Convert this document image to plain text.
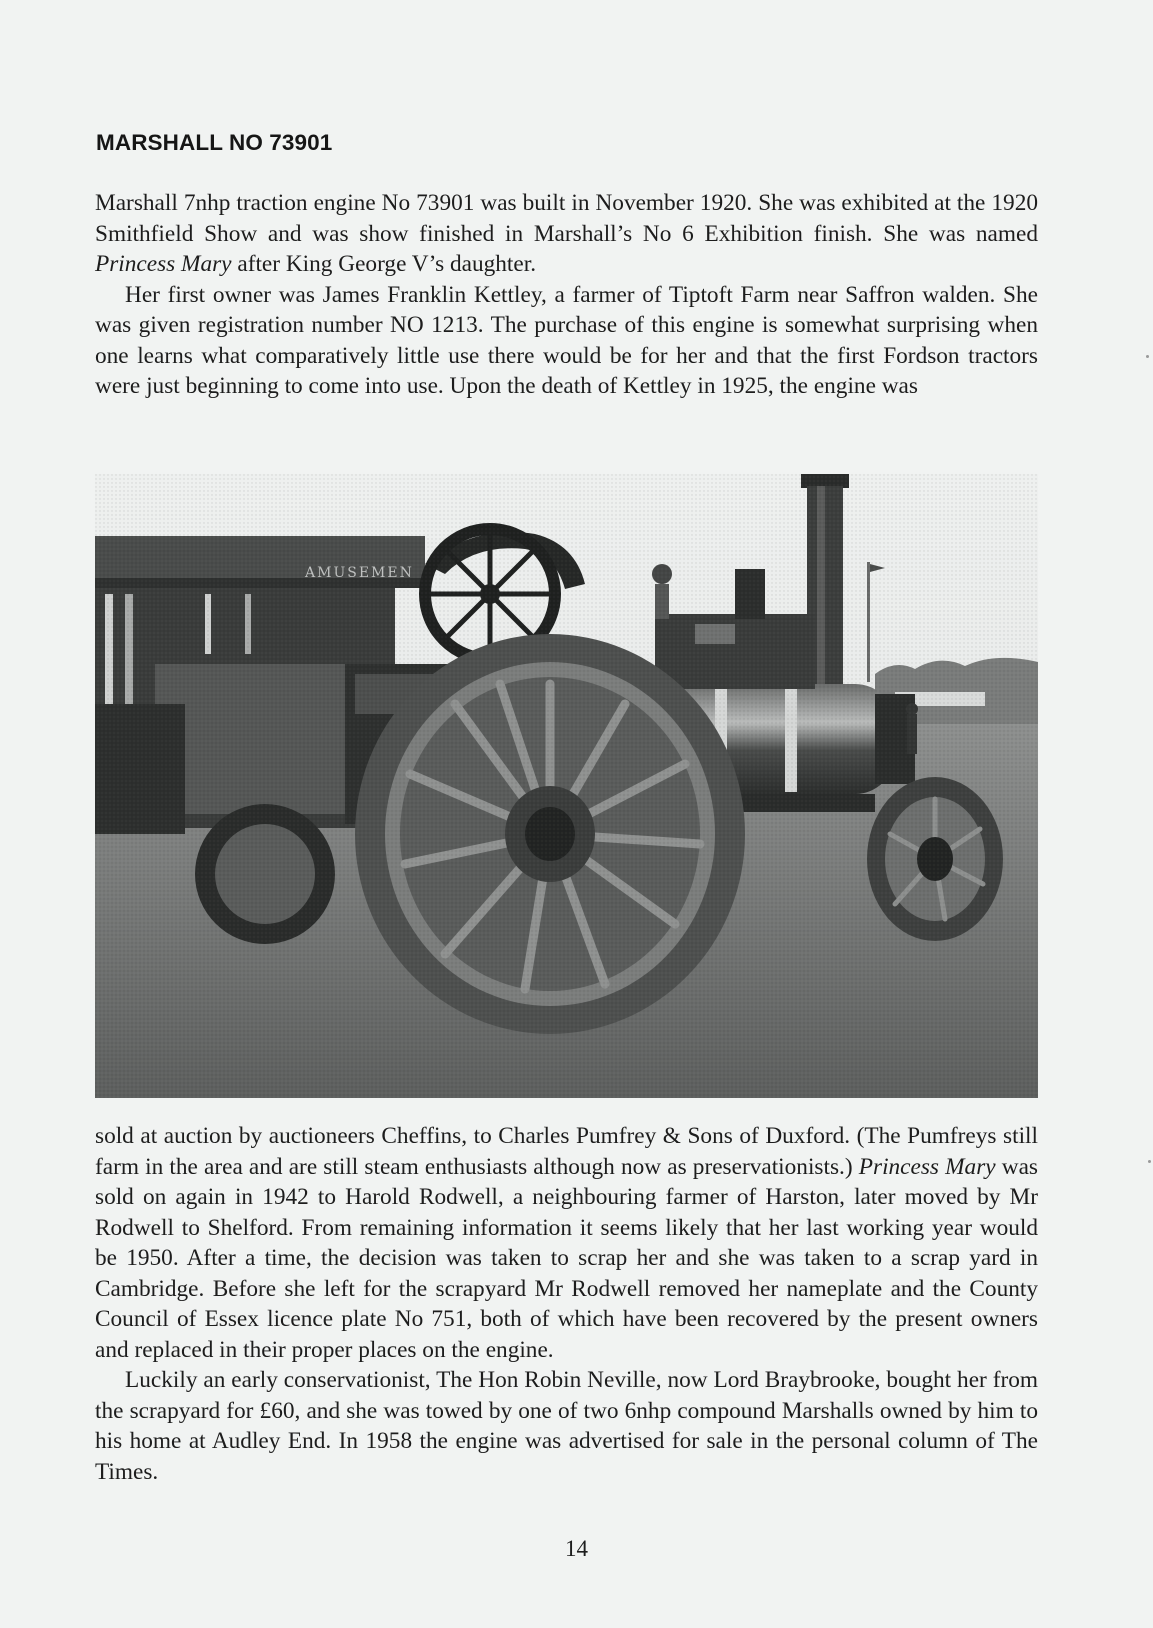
MARSHALL NO 73901

Marshall 7nhp traction engine No 73901 was built in November 1920. She was exhibited at the 1920 Smithfield Show and was show finished in Marshall’s No 6 Exhibition finish. She was named Princess Mary after King George V’s daughter.

Her first owner was James Franklin Kettley, a farmer of Tiptoft Farm near Saffron walden. She was given registration number NO 1213. The purchase of this engine is somewhat surprising when one learns what comparatively little use there would be for her and that the first Fordson tractors were just beginning to come into use. Upon the death of Kettley in 1925, the engine was

sold at auction by auctioneers Cheffins, to Charles Pumfrey & Sons of Duxford. (The Pumfreys still farm in the area and are still steam enthusiasts although now as preservationists.) Princess Mary was sold on again in 1942 to Harold Rodwell, a neighbouring farmer of Harston, later moved by Mr Rodwell to Shelford. From remaining information it seems likely that her last working year would be 1950. After a time, the decision was taken to scrap her and she was taken to a scrap yard in Cambridge. Before she left for the scrapyard Mr Rodwell removed her nameplate and the County Council of Essex licence plate No 751, both of which have been recovered by the present owners and replaced in their proper places on the engine.

Luckily an early conservationist, The Hon Robin Neville, now Lord Braybrooke, bought her from the scrapyard for £60, and she was towed by one of two 6nhp compound Marshalls owned by him to his home at Audley End. In 1958 the engine was advertised for sale in the personal column of The Times.

14
